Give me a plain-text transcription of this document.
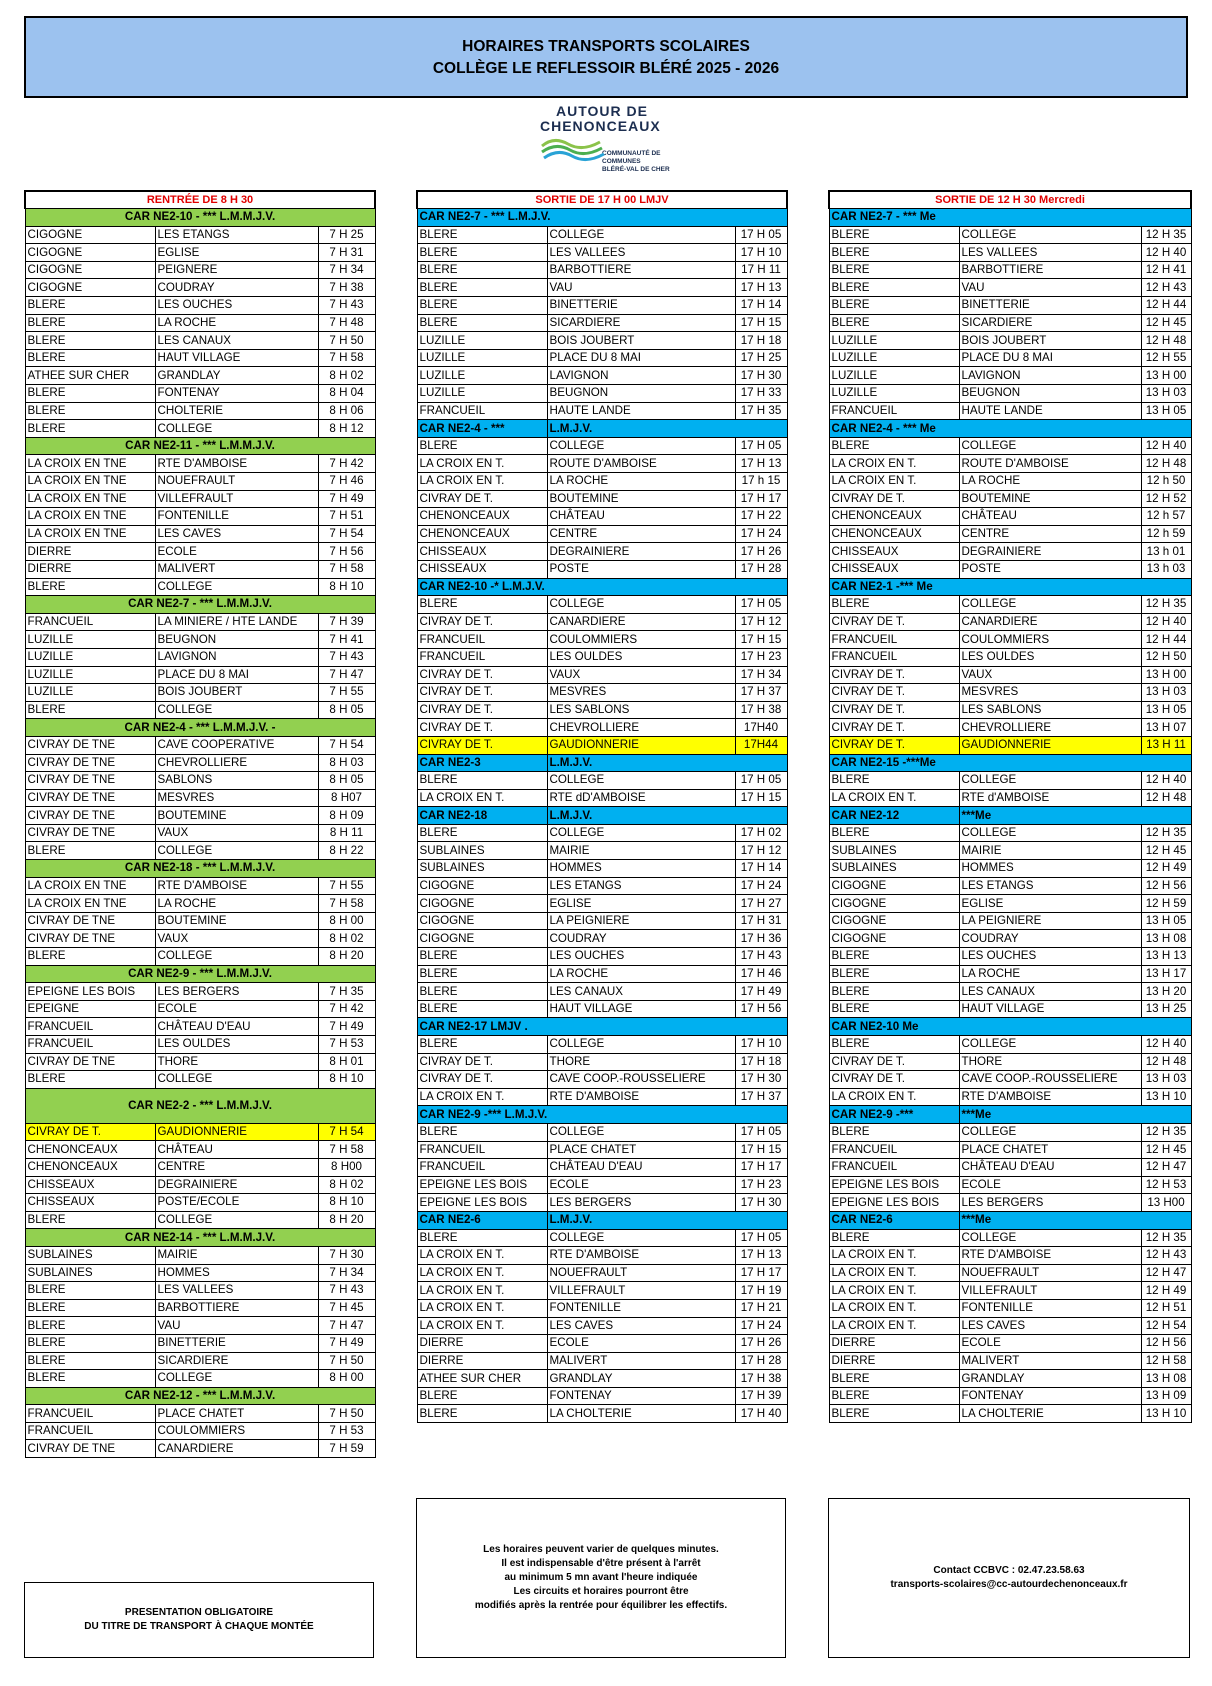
HORAIRES TRANSPORTS SCOLAIRES
COLLÈGE LE REFLESSOIR BLÉRÉ 2025 - 2026
AUTOUR DE
CHENONCEAUX
COMMUNAUTÉ DE COMMUNES
BLÉRÉ-VAL DE CHER
RENTRÉE DE 8 H 30		
CAR NE2-10 - *** L.M.M.J.V.		
CIGOGNE	LES ETANGS	7 H 25
CIGOGNE	EGLISE	7 H 31
CIGOGNE	PEIGNERE	7 H 34
CIGOGNE	COUDRAY	7 H 38
BLERE	LES OUCHES	7 H 43
BLERE	LA ROCHE	7 H 48
BLERE	LES CANAUX	7 H 50
BLERE	HAUT VILLAGE	7 H 58
ATHEE SUR CHER	GRANDLAY	8 H 02
BLERE	FONTENAY	8 H 04
BLERE	CHOLTERIE	8 H 06
BLERE	COLLEGE	8 H 12
CAR NE2-11 - *** L.M.M.J.V.		
LA CROIX EN TNE	RTE D'AMBOISE	7 H 42
LA CROIX EN TNE	NOUEFRAULT	7 H 46
LA CROIX EN TNE	VILLEFRAULT	7 H 49
LA CROIX EN TNE	FONTENILLE	7 H 51
LA CROIX EN TNE	LES CAVES	7 H 54
DIERRE	ECOLE	7 H 56
DIERRE	MALIVERT	7 H 58
BLERE	COLLEGE	8 H 10
CAR NE2-7 - *** L.M.M.J.V.		
FRANCUEIL	LA MINIERE / HTE LANDE	7 H 39
LUZILLE	BEUGNON	7 H 41
LUZILLE	LAVIGNON	7 H 43
LUZILLE	PLACE DU 8 MAI	7 H 47
LUZILLE	BOIS JOUBERT	7 H 55
BLERE	COLLEGE	8 H 05
CAR NE2-4 - *** L.M.M.J.V. -		
CIVRAY DE TNE	CAVE COOPERATIVE	7 H 54
CIVRAY DE TNE	CHEVROLLIERE	8 H 03
CIVRAY DE TNE	SABLONS	8 H 05
CIVRAY DE TNE	MESVRES	8 H07
CIVRAY DE TNE	BOUTEMINE	8 H 09
CIVRAY DE TNE	VAUX	8 H 11
BLERE	COLLEGE	8 H 22
CAR NE2-18 - *** L.M.M.J.V.		
LA CROIX EN TNE	RTE D'AMBOISE	7 H 55
LA CROIX EN TNE	LA ROCHE	7 H 58
CIVRAY DE TNE	BOUTEMINE	8 H 00
CIVRAY DE TNE	VAUX	8 H 02
BLERE	COLLEGE	8 H 20
CAR NE2-9 - *** L.M.M.J.V.		
EPEIGNE LES BOIS	LES BERGERS	7 H 35
EPEIGNE	ECOLE	7 H 42
FRANCUEIL	CHÂTEAU D'EAU	7 H 49
FRANCUEIL	LES OULDES	7 H 53
CIVRAY DE TNE	THORE	8 H 01
BLERE	COLLEGE	8 H 10
CAR NE2-2 - *** L.M.M.J.V.		
CIVRAY DE T.	GAUDIONNERIE	7 H 54
CHENONCEAUX	CHÂTEAU	7 H 58
CHENONCEAUX	CENTRE	8 H00
CHISSEAUX	DEGRAINIERE	8 H 02
CHISSEAUX	POSTE/ECOLE	8 H 10
BLERE	COLLEGE	8 H 20
CAR NE2-14 - *** L.M.M.J.V.		
SUBLAINES	MAIRIE	7 H 30
SUBLAINES	HOMMES	7 H 34
BLERE	LES VALLEES	7 H 43
BLERE	BARBOTTIERE	7 H 45
BLERE	VAU	7 H 47
BLERE	BINETTERIE	7 H 49
BLERE	SICARDIERE	7 H 50
BLERE	COLLEGE	8 H 00
CAR NE2-12 - *** L.M.M.J.V.		
FRANCUEIL	PLACE CHATET	7 H 50
FRANCUEIL	COULOMMIERS	7 H 53
CIVRAY DE TNE	CANARDIERE	7 H 59
SORTIE DE 17 H 00 LMJV		
CAR NE2-7 - *** L.M.J.V.		
BLERE	COLLEGE	17 H 05
BLERE	LES VALLEES	17 H 10
BLERE	BARBOTTIERE	17 H 11
BLERE	VAU	17 H 13
BLERE	BINETTERIE	17 H 14
BLERE	SICARDIERE	17 H 15
LUZILLE	BOIS JOUBERT	17 H 18
LUZILLE	PLACE DU 8 MAI	17 H 25
LUZILLE	LAVIGNON	17 H 30
LUZILLE	BEUGNON	17 H 33
FRANCUEIL	HAUTE LANDE	17 H 35
CAR NE2-4 - ***	L.M.J.V.	
BLERE	COLLEGE	17 H 05
LA CROIX EN T.	ROUTE D'AMBOISE	17 H 13
LA CROIX EN T.	LA ROCHE	17 h 15
CIVRAY DE T.	BOUTEMINE	17 H 17
CHENONCEAUX	CHÂTEAU	17 H 22
CHENONCEAUX	CENTRE	17 H 24
CHISSEAUX	DEGRAINIERE	17 H 26
CHISSEAUX	POSTE	17 H 28
CAR NE2-10 -* L.M.J.V.		
BLERE	COLLEGE	17 H 05
CIVRAY DE T.	CANARDIERE	17 H 12
FRANCUEIL	COULOMMIERS	17 H 15
FRANCUEIL	LES OULDES	17 H 23
CIVRAY DE T.	VAUX	17 H 34
CIVRAY DE T.	MESVRES	17 H 37
CIVRAY DE T.	LES SABLONS	17 H 38
CIVRAY DE T.	CHEVROLLIERE	17H40
CIVRAY DE T.	GAUDIONNERIE	17H44
CAR NE2-3	L.M.J.V.	
BLERE	COLLEGE	17 H 05
LA CROIX EN T.	RTE dD'AMBOISE	17 H 15
CAR NE2-18	L.M.J.V.	
BLERE	COLLEGE	17 H 02
SUBLAINES	MAIRIE	17 H 12
SUBLAINES	HOMMES	17 H 14
CIGOGNE	LES ETANGS	17 H 24
CIGOGNE	EGLISE	17 H 27
CIGOGNE	LA PEIGNIERE	17 H 31
CIGOGNE	COUDRAY	17 H 36
BLERE	LES OUCHES	17 H 43
BLERE	LA ROCHE	17 H 46
BLERE	LES CANAUX	17 H 49
BLERE	HAUT VILLAGE	17 H 56
CAR NE2-17 LMJV .		
BLERE	COLLEGE	17 H 10
CIVRAY DE T.	THORE	17 H 18
CIVRAY DE T.	CAVE COOP.-ROUSSELIERE	17 H 30
LA CROIX EN T.	RTE D'AMBOISE	17 H 37
CAR NE2-9 -*** L.M.J.V.		
BLERE	COLLEGE	17 H 05
FRANCUEIL	PLACE CHATET	17 H 15
FRANCUEIL	CHÂTEAU D'EAU	17 H 17
EPEIGNE LES BOIS	ECOLE	17 H 23
EPEIGNE LES BOIS	LES BERGERS	17 H 30
CAR NE2-6	L.M.J.V.	
BLERE	COLLEGE	17 H 05
LA CROIX EN T.	RTE D'AMBOISE	17 H 13
LA CROIX EN T.	NOUEFRAULT	17 H 17
LA CROIX EN T.	VILLEFRAULT	17 H 19
LA CROIX EN T.	FONTENILLE	17 H 21
LA CROIX EN T.	LES CAVES	17 H 24
DIERRE	ECOLE	17 H 26
DIERRE	MALIVERT	17 H 28
ATHEE SUR CHER	GRANDLAY	17 H 38
BLERE	FONTENAY	17 H 39
BLERE	LA CHOLTERIE	17 H 40
SORTIE DE 12 H 30 Mercredi		
CAR NE2-7 - *** Me		
BLERE	COLLEGE	12 H 35
BLERE	LES VALLEES	12 H 40
BLERE	BARBOTTIERE	12 H 41
BLERE	VAU	12 H 43
BLERE	BINETTERIE	12 H 44
BLERE	SICARDIERE	12 H 45
LUZILLE	BOIS JOUBERT	12 H 48
LUZILLE	PLACE DU 8 MAI	12 H 55
LUZILLE	LAVIGNON	13 H 00
LUZILLE	BEUGNON	13 H 03
FRANCUEIL	HAUTE LANDE	13 H 05
CAR NE2-4 - *** Me		
BLERE	COLLEGE	12 H 40
LA CROIX EN T.	ROUTE D'AMBOISE	12 H 48
LA CROIX EN T.	LA ROCHE	12 h 50
CIVRAY DE T.	BOUTEMINE	12 H 52
CHENONCEAUX	CHÂTEAU	12 h 57
CHENONCEAUX	CENTRE	12 h 59
CHISSEAUX	DEGRAINIERE	13 h 01
CHISSEAUX	POSTE	13 h 03
CAR NE2-1 -*** Me		
BLERE	COLLEGE	12 H 35
CIVRAY DE T.	CANARDIERE	12 H 40
FRANCUEIL	COULOMMIERS	12 H 44
FRANCUEIL	LES OULDES	12 H 50
CIVRAY DE T.	VAUX	13 H 00
CIVRAY DE T.	MESVRES	13 H 03
CIVRAY DE T.	LES SABLONS	13 H 05
CIVRAY DE T.	CHEVROLLIERE	13 H 07
CIVRAY DE T.	GAUDIONNERIE	13 H 11
CAR NE2-15 -***Me		
BLERE	COLLEGE	12 H 40
LA CROIX EN T.	RTE d'AMBOISE	12 H 48
CAR NE2-12	***Me	
BLERE	COLLEGE	12 H 35
SUBLAINES	MAIRIE	12 H 45
SUBLAINES	HOMMES	12 H 49
CIGOGNE	LES ETANGS	12 H 56
CIGOGNE	EGLISE	12 H 59
CIGOGNE	LA PEIGNIERE	13 H 05
CIGOGNE	COUDRAY	13 H 08
BLERE	LES OUCHES	13 H 13
BLERE	LA ROCHE	13 H 17
BLERE	LES CANAUX	13 H 20
BLERE	HAUT VILLAGE	13 H 25
CAR NE2-10 Me		
BLERE	COLLEGE	12 H 40
CIVRAY DE T.	THORE	12 H 48
CIVRAY DE T.	CAVE COOP.-ROUSSELIERE	13 H 03
LA CROIX EN T.	RTE D'AMBOISE	13 H 10
CAR NE2-9 -***	***Me	
BLERE	COLLEGE	12 H 35
FRANCUEIL	PLACE CHATET	12 H 45
FRANCUEIL	CHÂTEAU D'EAU	12 H 47
EPEIGNE LES BOIS	ECOLE	12 H 53
EPEIGNE LES BOIS	LES BERGERS	13 H00
CAR NE2-6	***Me	
BLERE	COLLEGE	12 H 35
LA CROIX EN T.	RTE D'AMBOISE	12 H 43
LA CROIX EN T.	NOUEFRAULT	12 H 47
LA CROIX EN T.	VILLEFRAULT	12 H 49
LA CROIX EN T.	FONTENILLE	12 H 51
LA CROIX EN T.	LES CAVES	12 H 54
DIERRE	ECOLE	12 H 56
DIERRE	MALIVERT	12 H 58
BLERE	GRANDLAY	13 H 08
BLERE	FONTENAY	13 H 09
BLERE	LA CHOLTERIE	13 H 10
PRESENTATION OBLIGATOIRE
DU TITRE DE TRANSPORT À CHAQUE MONTÉE
Les horaires peuvent varier de quelques minutes.
Il est indispensable d'être présent à l'arrêt
au minimum 5 mn avant l'heure indiquée
Les circuits et horaires pourront être
modifiés après la rentrée pour équilibrer les effectifs.
Contact CCBVC : 02.47.23.58.63
transports-scolaires@cc-autourdechenonceaux.fr
